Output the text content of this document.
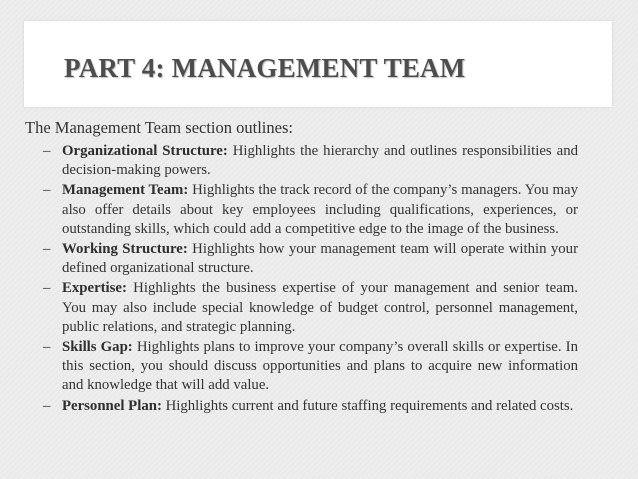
PART 4: MANAGEMENT TEAM
The Management Team section outlines:
– Organizational Structure: Highlights the hierarchy and outlines responsibilities and decision-making powers.
– Management Team: Highlights the track record of the company’s managers. You may also offer details about key employees including qualifications, experiences, or outstanding skills, which could add a competitive edge to the image of the business.
– Working Structure: Highlights how your management team will operate within your defined organizational structure.
– Expertise: Highlights the business expertise of your management and senior team. You may also include special knowledge of budget control, personnel management, public relations, and strategic planning.
– Skills Gap: Highlights plans to improve your company’s overall skills or expertise. In this section, you should discuss opportunities and plans to acquire new information and knowledge that will add value.
– Personnel Plan: Highlights current and future staffing requirements and related costs.
